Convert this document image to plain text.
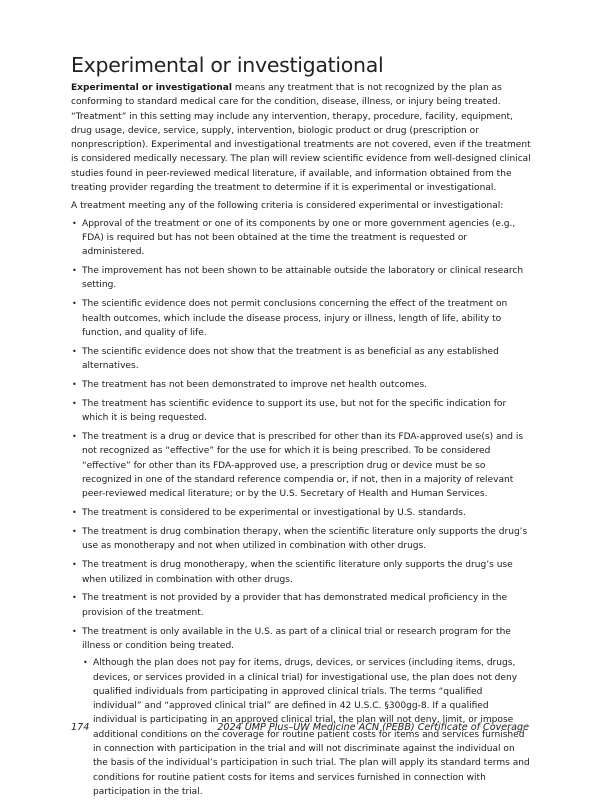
Experimental or investigational

Experimental or investigational means any treatment that is not recognized by the plan as conforming to standard medical care for the condition, disease, illness, or injury being treated. “Treatment” in this setting may include any intervention, therapy, procedure, facility, equipment, drug usage, device, service, supply, intervention, biologic product or drug (prescription or nonprescription). Experimental and investigational treatments are not covered, even if the treatment is considered medically necessary. The plan will review scientific evidence from well-designed clinical studies found in peer-reviewed medical literature, if available, and information obtained from the treating provider regarding the treatment to determine if it is experimental or investigational.

A treatment meeting any of the following criteria is considered experimental or investigational:

• Approval of the treatment or one of its components by one or more government agencies (e.g., FDA) is required but has not been obtained at the time the treatment is requested or administered.
• The improvement has not been shown to be attainable outside the laboratory or clinical research setting.
• The scientific evidence does not permit conclusions concerning the effect of the treatment on health outcomes, which include the disease process, injury or illness, length of life, ability to function, and quality of life.
• The scientific evidence does not show that the treatment is as beneficial as any established alternatives.
• The treatment has not been demonstrated to improve net health outcomes.
• The treatment has scientific evidence to support its use, but not for the specific indication for which it is being requested.
• The treatment is a drug or device that is prescribed for other than its FDA-approved use(s) and is not recognized as “effective” for the use for which it is being prescribed. To be considered “effective” for other than its FDA-approved use, a prescription drug or device must be so recognized in one of the standard reference compendia or, if not, then in a majority of relevant peer-reviewed medical literature; or by the U.S. Secretary of Health and Human Services.
• The treatment is considered to be experimental or investigational by U.S. standards.
• The treatment is drug combination therapy, when the scientific literature only supports the drug’s use as monotherapy and not when utilized in combination with other drugs.
• The treatment is drug monotherapy, when the scientific literature only supports the drug’s use when utilized in combination with other drugs.
• The treatment is not provided by a provider that has demonstrated medical proficiency in the provision of the treatment.
• The treatment is only available in the U.S. as part of a clinical trial or research program for the illness or condition being treated.
• Although the plan does not pay for items, drugs, devices, or services (including items, drugs, devices, or services provided in a clinical trial) for investigational use, the plan does not deny qualified individuals from participating in approved clinical trials. The terms “qualified individual” and “approved clinical trial” are defined in 42 U.S.C. §300gg-8. If a qualified individual is participating in an approved clinical trial, the plan will not deny, limit, or impose additional conditions on the coverage for routine patient costs for items and services furnished in connection with participation in the trial and will not discriminate against the individual on the basis of the individual’s participation in such trial. The plan will apply its standard terms and conditions for routine patient costs for items and services furnished in connection with participation in the trial.
174	2024 UMP Plus–UW Medicine ACN (PEBB) Certificate of Coverage
